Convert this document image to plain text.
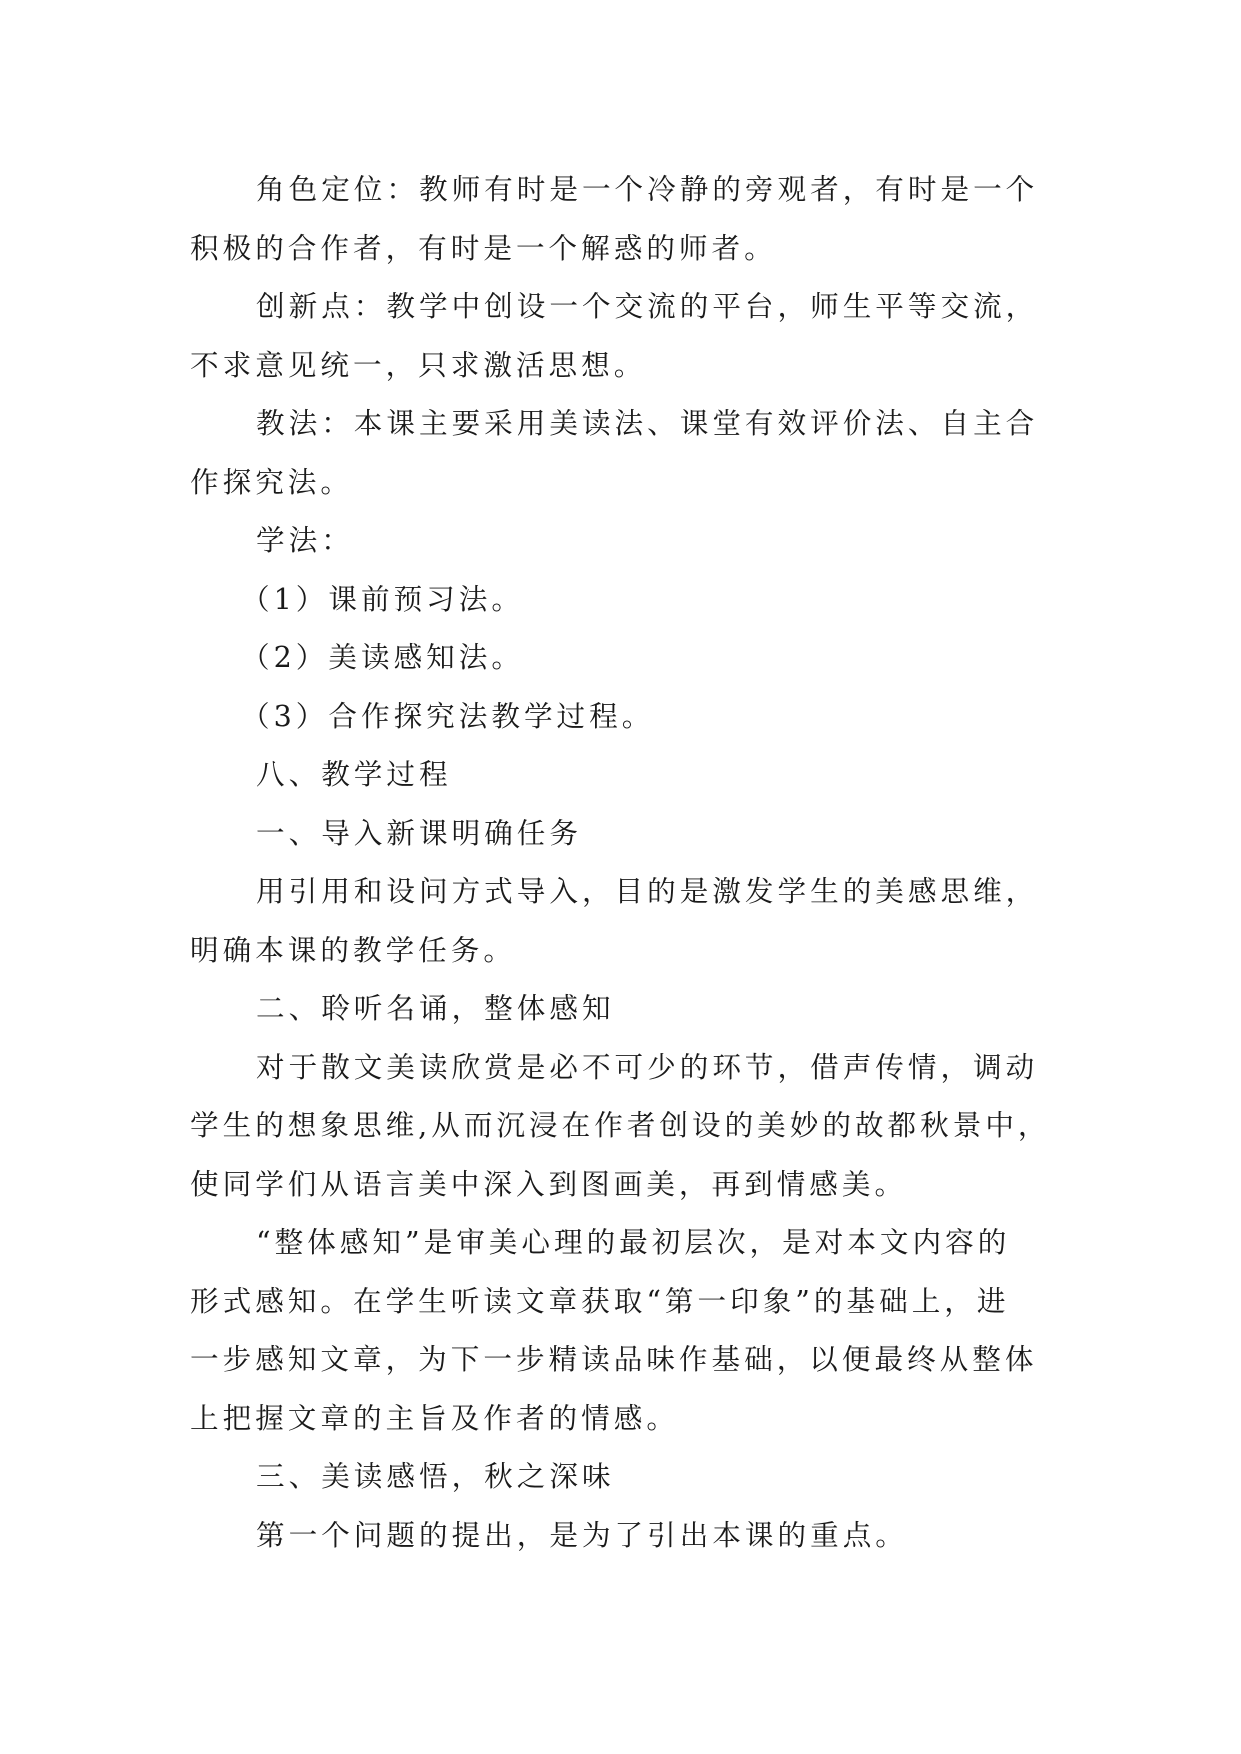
角色定位：教师有时是一个冷静的旁观者，有时是一个
积极的合作者，有时是一个解惑的师者。

创新点：教学中创设一个交流的平台，师生平等交流，
不求意见统一，只求激活思想。

教法：本课主要采用美读法、课堂有效评价法、自主合
作探究法。

学法：

（1）课前预习法。

（2）美读感知法。

（3）合作探究法教学过程。

八、教学过程

一、导入新课明确任务

用引用和设问方式导入，目的是激发学生的美感思维，
明确本课的教学任务。

二、聆听名诵，整体感知

对于散文美读欣赏是必不可少的环节，借声传情，调动
学生的想象思维,从而沉浸在作者创设的美妙的故都秋景中，
使同学们从语言美中深入到图画美，再到情感美。

“整体感知”是审美心理的最初层次，是对本文内容的
形式感知。在学生听读文章获取“第一印象”的基础上，进
一步感知文章，为下一步精读品味作基础，以便最终从整体
上把握文章的主旨及作者的情感。

三、美读感悟，秋之深味

第一个问题的提出，是为了引出本课的重点。
